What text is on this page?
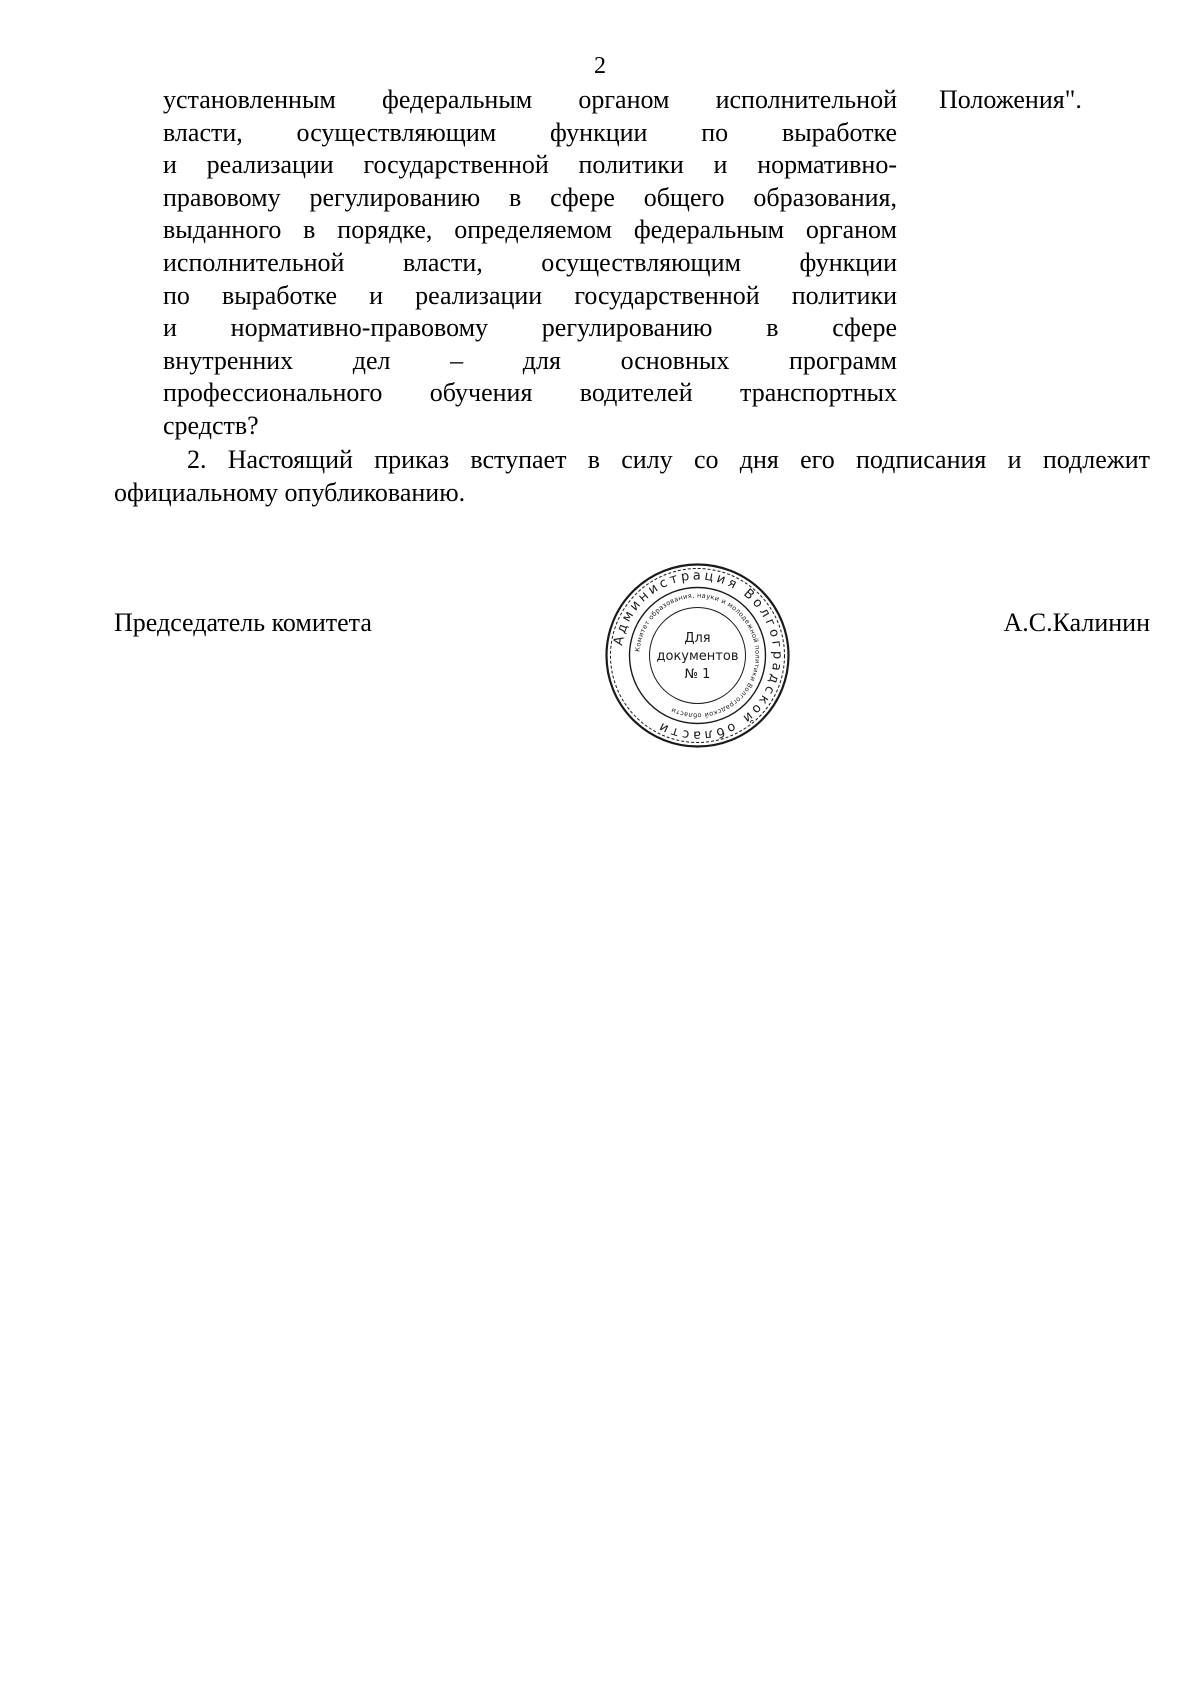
2
установленным федеральным органом исполнительной
власти, осуществляющим функции по выработке
и реализации государственной политики и нормативно-
правовому регулированию в сфере общего образования,
выданного в порядке, определяемом федеральным органом
исполнительной власти, осуществляющим функции
по выработке и реализации государственной политики
и нормативно-правовому регулированию в сфере
внутренних дел – для основных программ
профессионального обучения водителей транспортных
средств?
Положения".
2. Настоящий приказ вступает в силу со дня его подписания и подлежит
официальному опубликованию.
Председатель комитета
Администрация Волгоградской области
Комитет образования, науки и молодежной политики Волгоградской области
Для
документов
№ 1
А.С.Калинин
